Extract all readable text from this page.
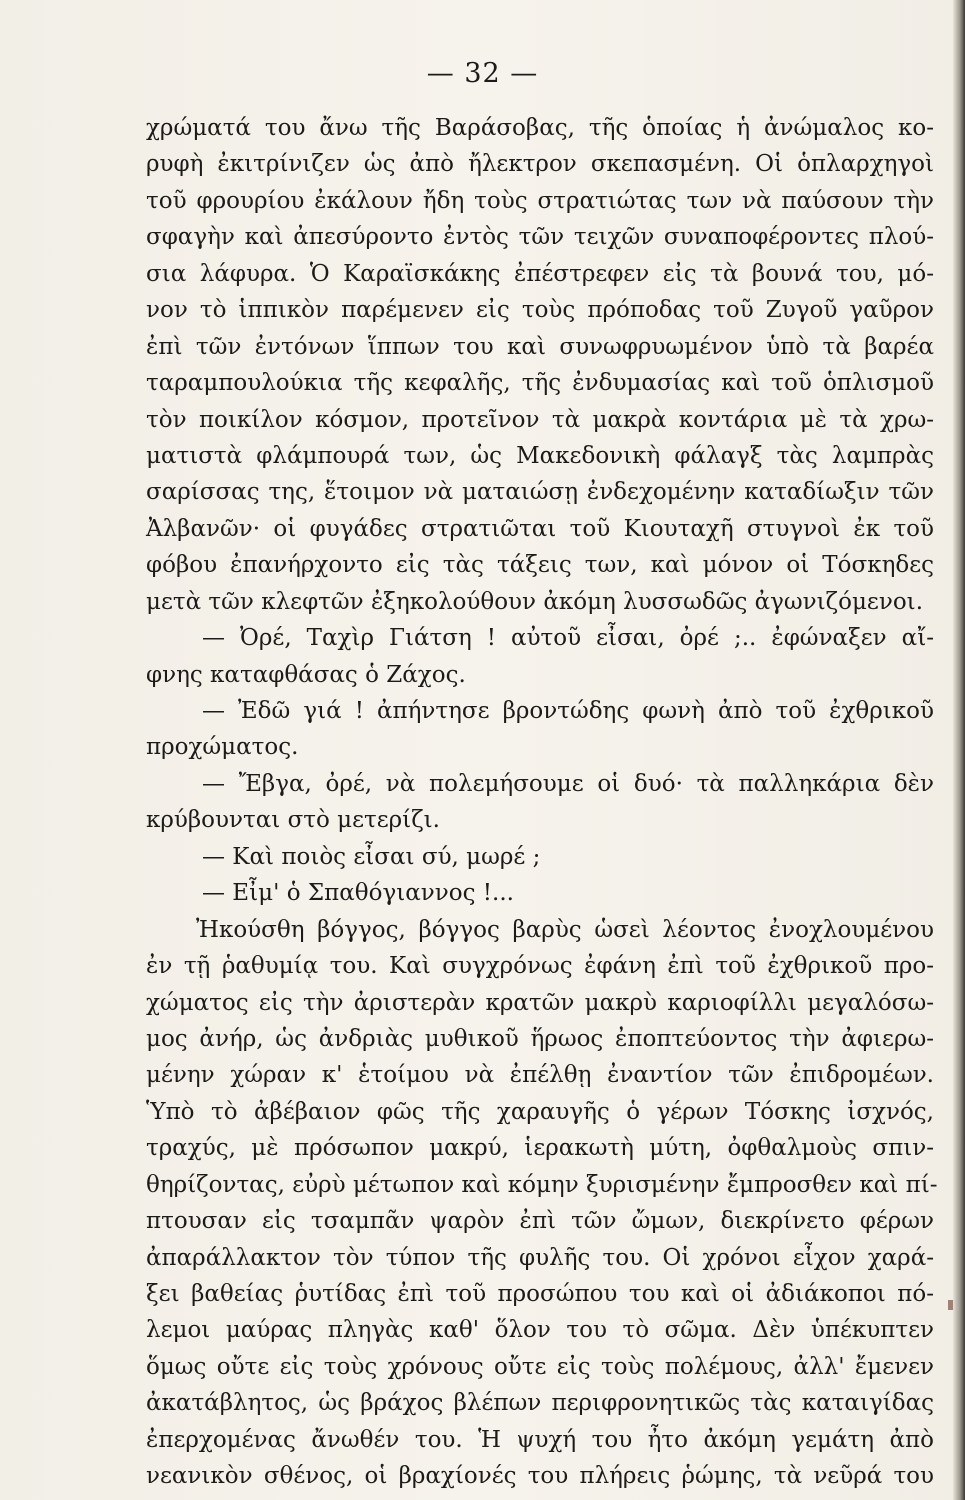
— 32 —
χρώματά του ἄνω τῆς Βαράσοβας, τῆς ὁποίας ἡ ἀνώμαλος κο-
ρυφὴ ἐκιτρίνιζεν ὡς ἀπὸ ἤλεκτρον σκεπασμένη. Οἱ ὁπλαρχηγοὶ
τοῦ φρουρίου ἐκάλουν ἤδη τοὺς στρατιώτας των νὰ παύσουν τὴν
σφαγὴν καὶ ἀπεσύροντο ἐντὸς τῶν τειχῶν συναποφέροντες πλού-
σια λάφυρα. Ὁ Καραϊσκάκης ἐπέστρεφεν εἰς τὰ βουνά του, μό-
νον τὸ ἱππικὸν παρέμενεν εἰς τοὺς πρόποδας τοῦ Ζυγοῦ γαῦρον
ἐπὶ τῶν ἐντόνων ἵππων του καὶ συνωφρυωμένον ὑπὸ τὰ βαρέα
ταραμπουλούκια τῆς κεφαλῆς, τῆς ἐνδυμασίας καὶ τοῦ ὁπλισμοῦ
τὸν ποικίλον κόσμον, προτεῖνον τὰ μακρὰ κοντάρια μὲ τὰ χρω-
ματιστὰ φλάμπουρά των, ὡς Μακεδονικὴ φάλαγξ τὰς λαμπρὰς
σαρίσσας της, ἕτοιμον νὰ ματαιώσῃ ἐνδεχομένην καταδίωξιν τῶν
Ἀλβανῶν· οἱ φυγάδες στρατιῶται τοῦ Κιουταχῆ στυγνοὶ ἐκ τοῦ
φόβου ἐπανήρχοντο εἰς τὰς τάξεις των, καὶ μόνον οἱ Τόσκηδες
μετὰ τῶν κλεφτῶν ἐξηκολούθουν ἀκόμη λυσσωδῶς ἀγωνιζόμενοι.
— Ὀρέ, Ταχὶρ Γιάτση ! αὐτοῦ εἶσαι, ὀρέ ;.. ἐφώναξεν αἴ-
φνης καταφθάσας ὁ Ζάχος.
— Ἐδῶ γιά ! ἀπήντησε βροντώδης φωνὴ ἀπὸ τοῦ ἐχθρικοῦ
προχώματος.
— Ἔβγα, ὀρέ, νὰ πολεμήσουμε οἱ δυό· τὰ παλληκάρια δὲν
κρύβουνται στὸ μετερίζι.
— Καὶ ποιὸς εἶσαι σύ, μωρέ ;
— Εἶμ' ὁ Σπαθόγιαννος !...
Ἠκούσθη βόγγος, βόγγος βαρὺς ὡσεὶ λέοντος ἐνοχλουμένου
ἐν τῇ ῥαθυμίᾳ του. Καὶ συγχρόνως ἐφάνη ἐπὶ τοῦ ἐχθρικοῦ προ-
χώματος εἰς τὴν ἀριστερὰν κρατῶν μακρὺ καριοφίλλι μεγαλόσω-
μος ἀνήρ, ὡς ἀνδριὰς μυθικοῦ ἥρωος ἐποπτεύοντος τὴν ἀφιερω-
μένην χώραν κ' ἑτοίμου νὰ ἐπέλθῃ ἐναντίον τῶν ἐπιδρομέων.
Ὑπὸ τὸ ἀβέβαιον φῶς τῆς χαραυγῆς ὁ γέρων Τόσκης ἰσχνός,
τραχύς, μὲ πρόσωπον μακρύ, ἱερακωτὴ μύτη, ὀφθαλμοὺς σπιν-
θηρίζοντας, εὐρὺ μέτωπον καὶ κόμην ξυρισμένην ἔμπροσθεν καὶ πί-
πτουσαν εἰς τσαμπᾶν ψαρὸν ἐπὶ τῶν ὤμων, διεκρίνετο φέρων
ἀπαράλλακτον τὸν τύπον τῆς φυλῆς του. Οἱ χρόνοι εἶχον χαρά-
ξει βαθείας ῥυτίδας ἐπὶ τοῦ προσώπου του καὶ οἱ ἀδιάκοποι πό-
λεμοι μαύρας πληγὰς καθ' ὅλον του τὸ σῶμα. Δὲν ὑπέκυπτεν
ὅμως οὔτε εἰς τοὺς χρόνους οὔτε εἰς τοὺς πολέμους, ἀλλ' ἔμενεν
ἀκατάβλητος, ὡς βράχος βλέπων περιφρονητικῶς τὰς καταιγίδας
ἐπερχομένας ἄνωθέν του. Ἡ ψυχή του ἦτο ἀκόμη γεμάτη ἀπὸ
νεανικὸν σθένος, οἱ βραχίονές του πλήρεις ῥώμης, τὰ νεῦρά του
